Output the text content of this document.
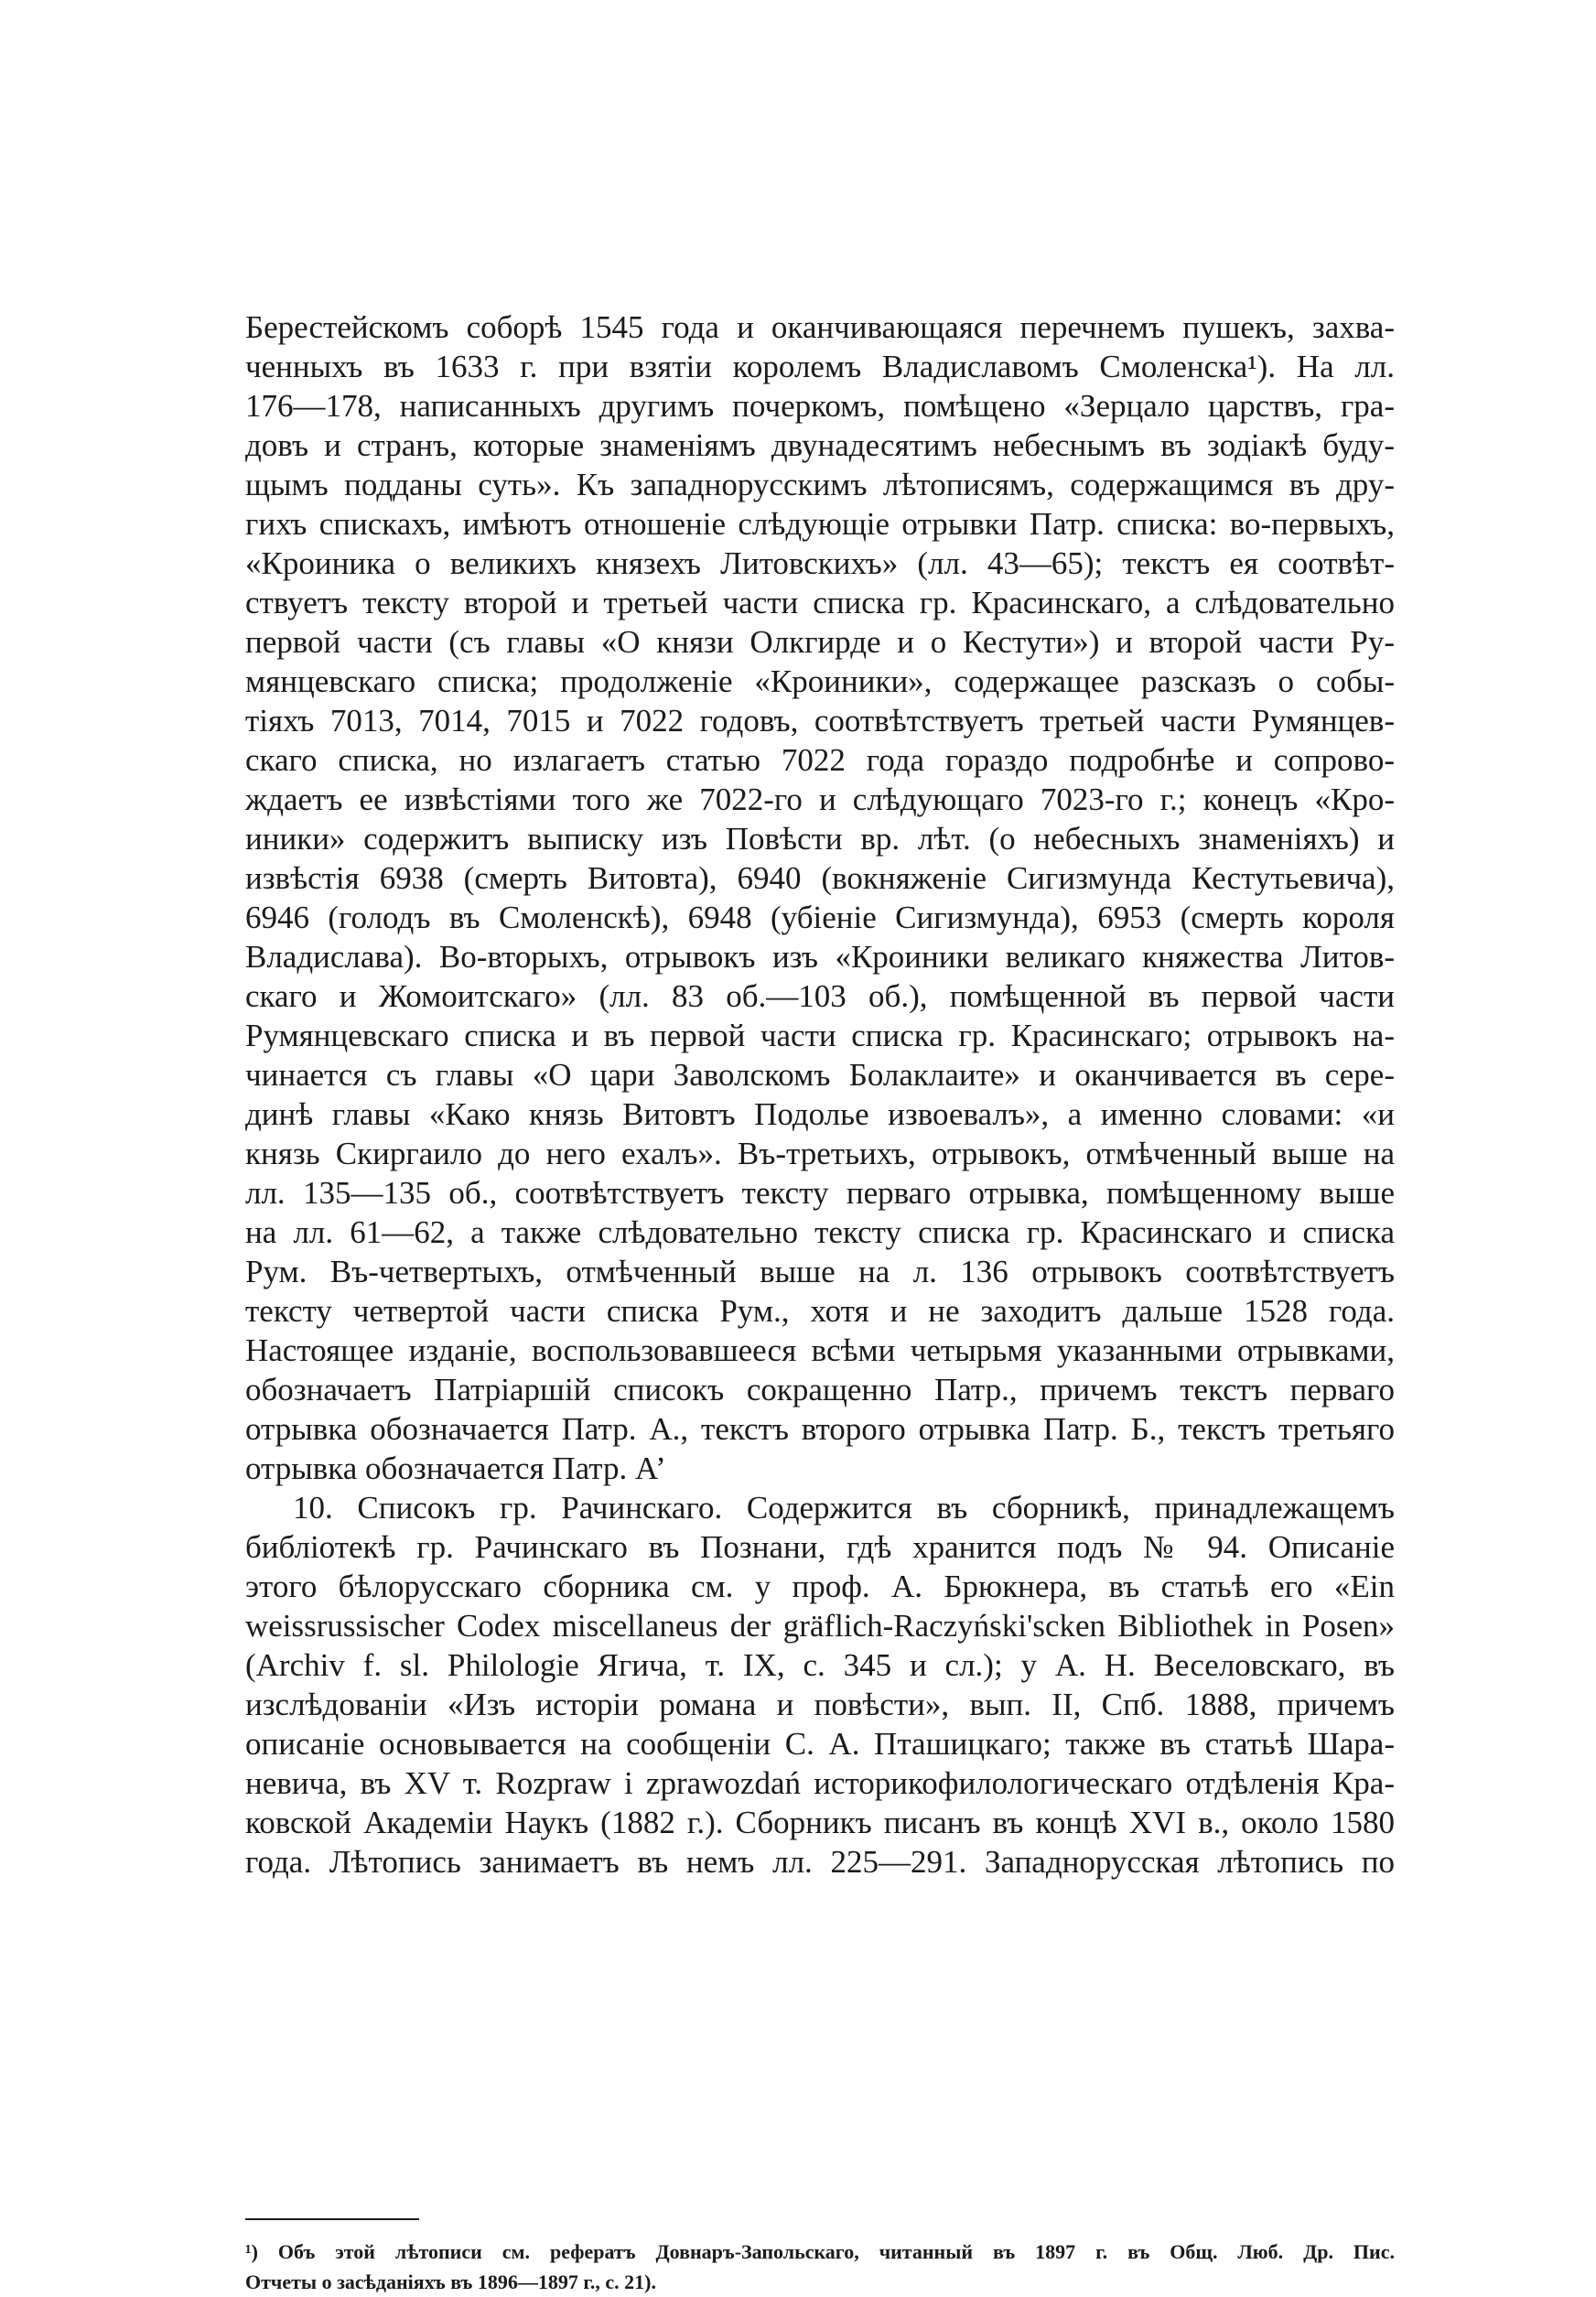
Берестейскомъ соборѣ 1545 года и оканчивающаяся перечнемъ пушекъ, захва-
ченныхъ въ 1633 г. при взятіи королемъ Владиславомъ Смоленска¹). На лл.
176—178, написанныхъ другимъ почеркомъ, помѣщено «Зерцало царствъ, гра-
довъ и странъ, которые знаменіямъ двунадесятимъ небеснымъ въ зодіакѣ буду-
щымъ подданы суть». Къ западнорусскимъ лѣтописямъ, содержащимся въ дру-
гихъ спискахъ, имѣютъ отношеніе слѣдующіе отрывки Патр. списка: во-первыхъ,
«Кроиника о великихъ князехъ Литовскихъ» (лл. 43—65); текстъ ея соотвѣт-
ствуетъ тексту второй и третьей части списка гр. Красинскаго, а слѣдовательно
первой части (съ главы «О князи Олкгирде и о Кестути») и второй части Ру-
мянцевскаго списка; продолженіе «Кроиники», содержащее разсказъ о собы-
тіяхъ 7013, 7014, 7015 и 7022 годовъ, соотвѣтствуетъ третьей части Румянцев-
скаго списка, но излагаетъ статью 7022 года гораздо подробнѣе и сопрово-
ждаетъ ее извѣстіями того же 7022-го и слѣдующаго 7023-го г.; конецъ «Кро-
иники» содержитъ выписку изъ Повѣсти вр. лѣт. (о небесныхъ знаменіяхъ) и
извѣстія 6938 (смерть Витовта), 6940 (вокняженіе Сигизмунда Кестутьевича),
6946 (голодъ въ Смоленскѣ), 6948 (убіеніе Сигизмунда), 6953 (смерть короля
Владислава). Во-вторыхъ, отрывокъ изъ «Кроиники великаго княжества Литов-
скаго и Жомоитскаго» (лл. 83 об.—103 об.), помѣщенной въ первой части
Румянцевскаго списка и въ первой части списка гр. Красинскаго; отрывокъ на-
чинается съ главы «О цари Заволскомъ Болаклаите» и оканчивается въ сере-
динѣ главы «Како князь Витовтъ Подолье извоевалъ», а именно словами: «и
князь Скиргаило до него ехалъ». Въ-третьихъ, отрывокъ, отмѣченный выше на
лл. 135—135 об., соотвѣтствуетъ тексту перваго отрывка, помѣщенному выше
на лл. 61—62, а также слѣдовательно тексту списка гр. Красинскаго и списка
Рум. Въ-четвертыхъ, отмѣченный выше на л. 136 отрывокъ соотвѣтствуетъ
тексту четвертой части списка Рум., хотя и не заходитъ дальше 1528 года.
Настоящее изданіе, воспользовавшееся всѣми четырьмя указанными отрывками,
обозначаетъ Патріаршій списокъ сокращенно Патр., причемъ текстъ перваго
отрывка обозначается Патр. А., текстъ второго отрывка Патр. Б., текстъ третьяго
отрывка обозначается Патр. А’
10. Списокъ гр. Рачинскаго. Содержится въ сборникѣ, принадлежащемъ
библіотекѣ гр. Рачинскаго въ Познани, гдѣ хранится подъ № 94. Описаніе
этого бѣлорусскаго сборника см. у проф. А. Брюкнера, въ статьѣ его «Ein
weissrussischer Codex miscellaneus der gräflich-Raczyński'scken Bibliothek in Posen»
(Archiv f. sl. Philologie Ягича, т. IX, с. 345 и сл.); у А. Н. Веселовскаго, въ
изслѣдованіи «Изъ исторіи романа и повѣсти», вып. II, Спб. 1888, причемъ
описаніе основывается на сообщеніи С. А. Пташицкаго; также въ статьѣ Шара-
невича, въ XV т. Rozpraw i zprawozdań историкофилологическаго отдѣленія Кра-
ковской Академіи Наукъ (1882 г.). Сборникъ писанъ въ концѣ XVI в., около 1580
года. Лѣтопись занимаетъ въ немъ лл. 225—291. Западнорусская лѣтопись по
¹) Объ этой лѣтописи см. рефератъ Довнаръ-Запольскаго, читанный въ 1897 г. въ Общ. Люб. Др. Пис.
Отчеты о засѣданіяхъ въ 1896—1897 г., с. 21).
